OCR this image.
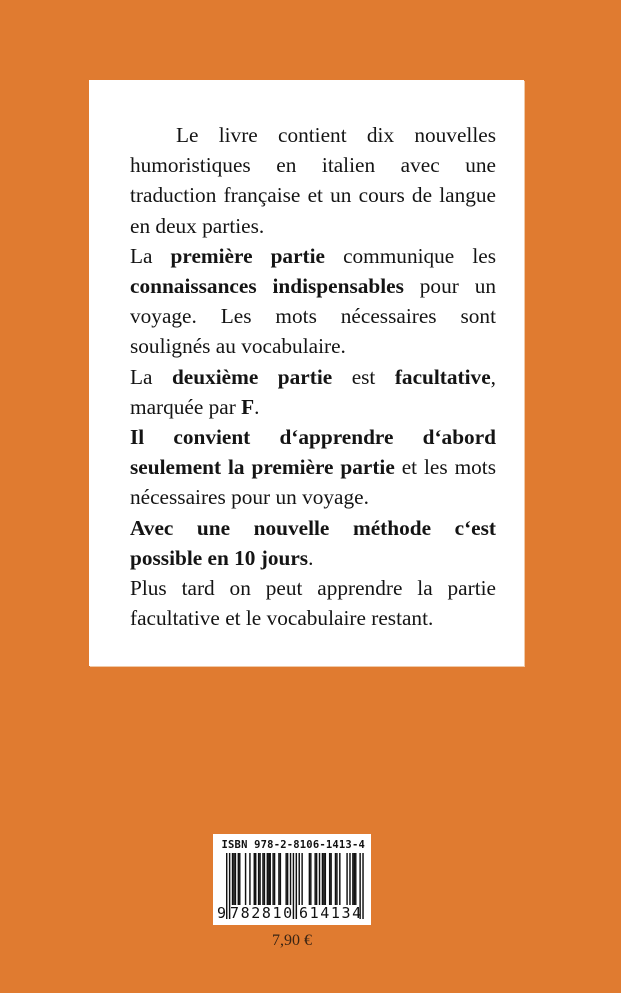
Le livre contient dix nouvelles humoristiques en italien avec une traduction française et un cours de langue en deux parties.

La première partie communique les connaissances indispensables pour un voyage. Les mots nécessaires sont soulignés au vocabulaire.

La deuxième partie est facultative, marquée par F.

Il convient d‘apprendre d‘abord seulement la première partie et les mots nécessaires pour un voyage.

Avec une nouvelle méthode c‘est possible en 10 jours.

Plus tard on peut apprendre la partie facultative et le vocabulaire restant.

ISBN 978-2-8106-1413-4
9 782810 614134
7,90 €
